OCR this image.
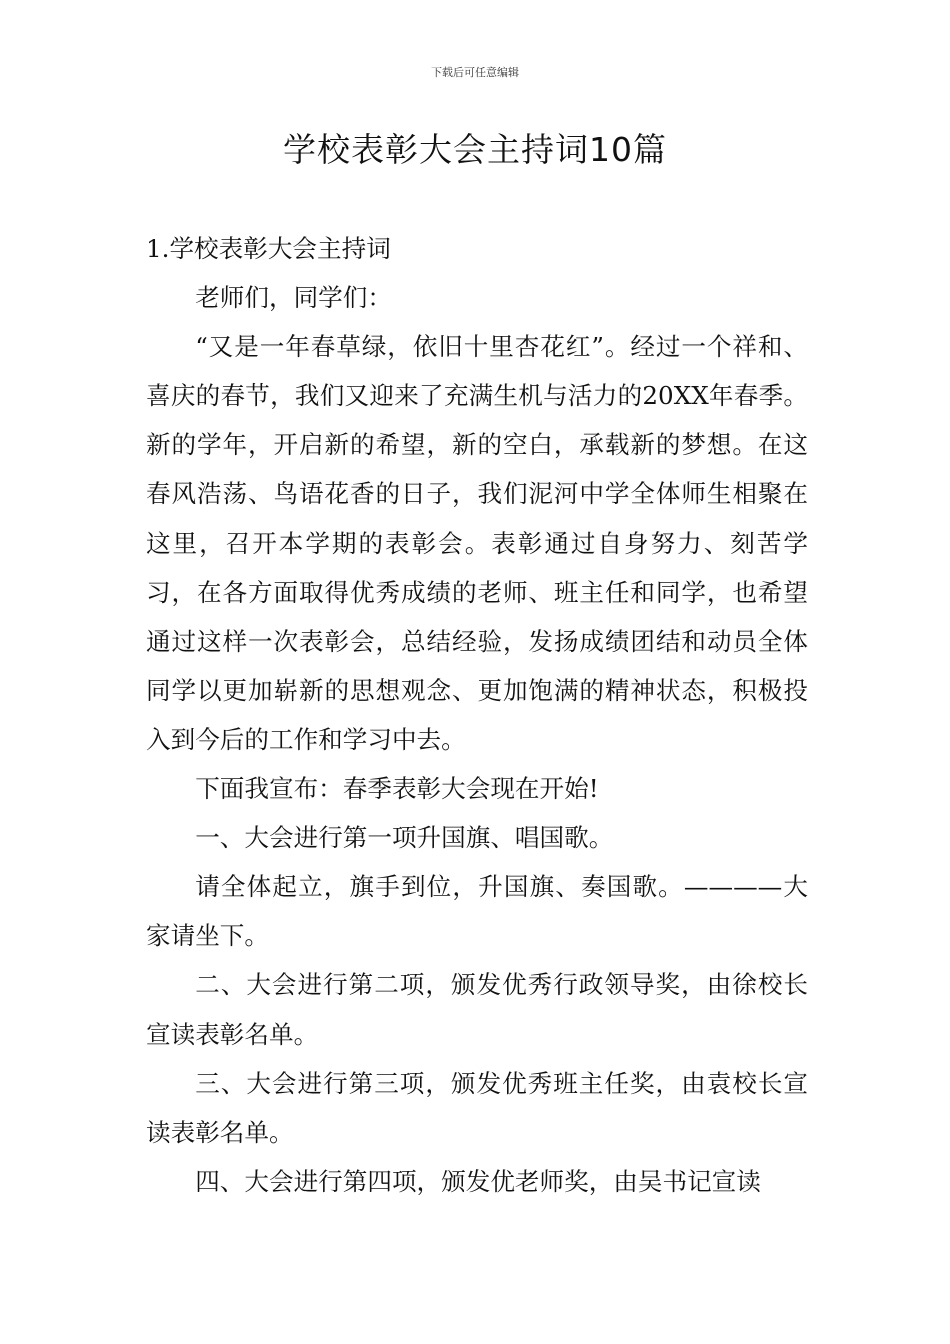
下载后可任意编辑
学校表彰大会主持词10篇

1.学校表彰大会主持词

老师们，同学们：

“又是一年春草绿，依旧十里杏花红”。经过一个祥和、喜庆的春节，我们又迎来了充满生机与活力的20XX年春季。新的学年，开启新的希望，新的空白，承载新的梦想。在这春风浩荡、鸟语花香的日子，我们泥河中学全体师生相聚在这里，召开本学期的表彰会。表彰通过自身努力、刻苦学习，在各方面取得优秀成绩的老师、班主任和同学，也希望通过这样一次表彰会，总结经验，发扬成绩团结和动员全体同学以更加崭新的思想观念、更加饱满的精神状态，积极投入到今后的工作和学习中去。

下面我宣布：春季表彰大会现在开始!

一、大会进行第一项升国旗、唱国歌。

请全体起立，旗手到位，升国旗、奏国歌。————大家请坐下。

二、大会进行第二项，颁发优秀行政领导奖，由徐校长宣读表彰名单。

三、大会进行第三项，颁发优秀班主任奖，由袁校长宣读表彰名单。

四、大会进行第四项，颁发优老师奖，由吴书记宣读
